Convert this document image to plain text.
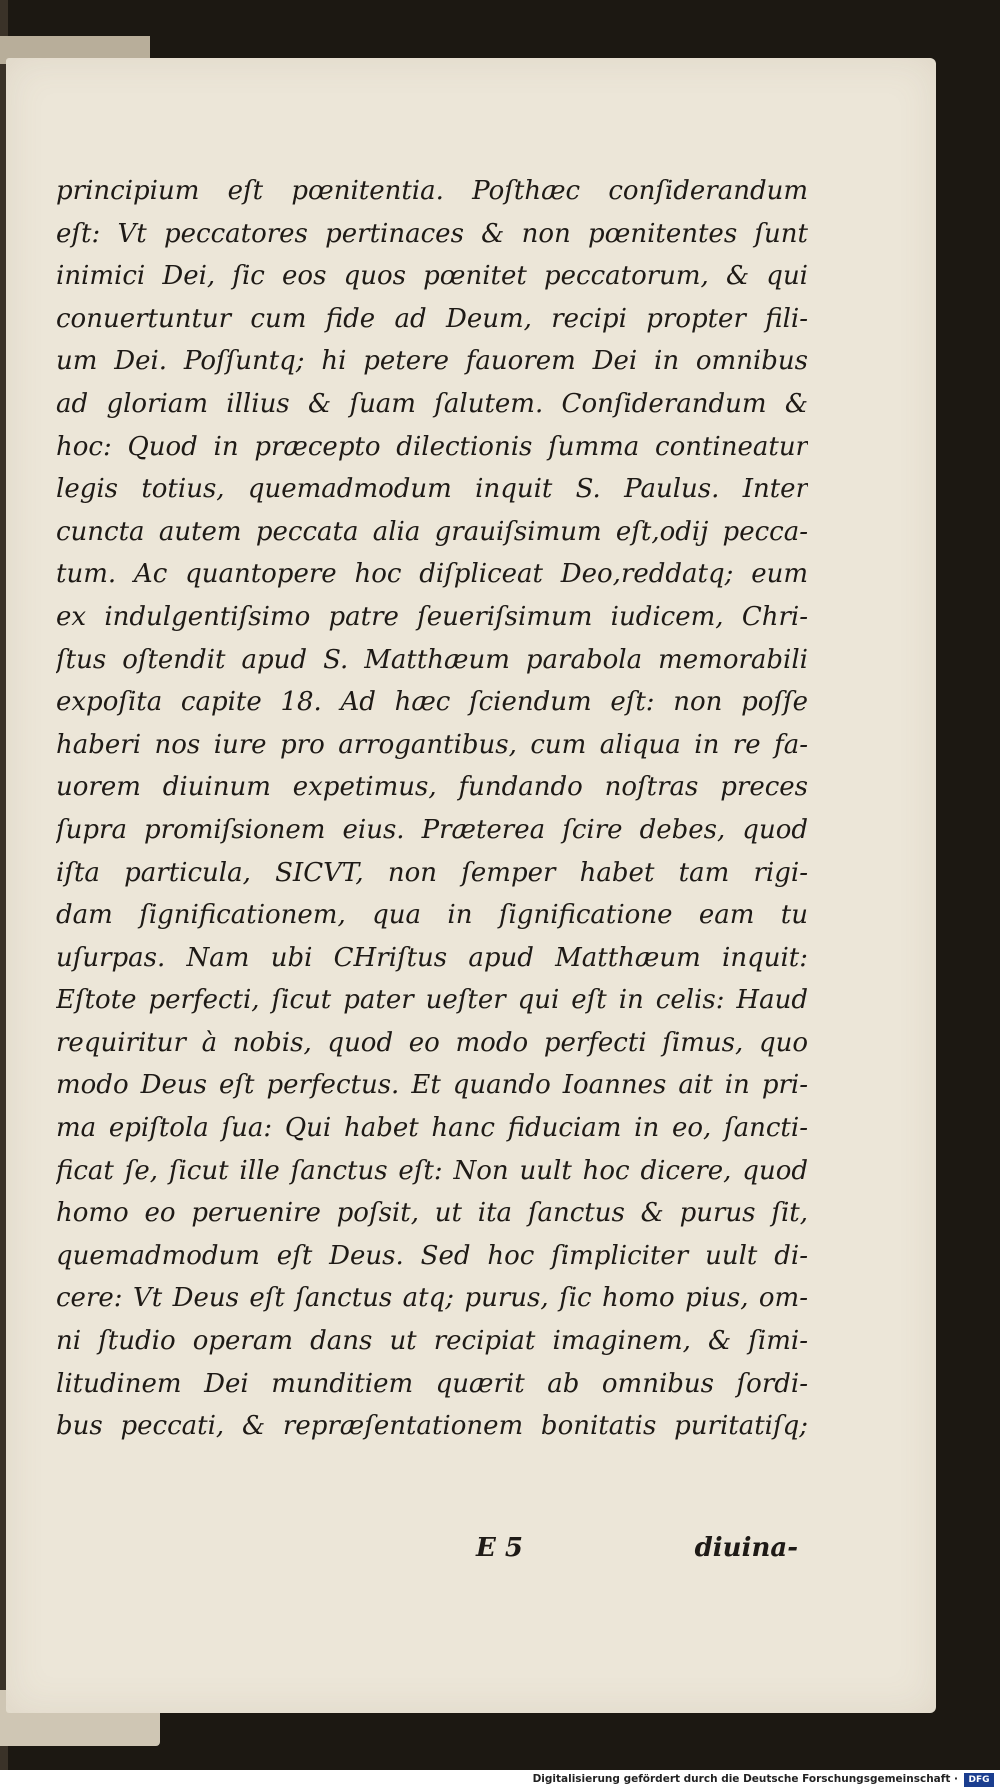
principium eſt pœnitentia. Poſthæc conſiderandum
eſt: Vt peccatores pertinaces & non pœnitentes ſunt
inimici Dei, ſic eos quos pœnitet peccatorum, & qui
conuertuntur cum fide ad Deum, recipi propter fili-
um Dei. Poſſuntq; hi petere fauorem Dei in omnibus
ad gloriam illius & ſuam ſalutem. Conſiderandum &
hoc: Quod in præcepto dilectionis ſumma contineatur
legis totius, quemadmodum inquit S. Paulus. Inter
cuncta autem peccata alia grauiſsimum eſt,odij pecca-
tum. Ac quantopere hoc diſpliceat Deo,reddatq; eum
ex indulgentiſsimo patre ſeueriſsimum iudicem, Chri-
ſtus oſtendit apud S. Matthæum parabola memorabili
expoſita capite 18. Ad hæc ſciendum eſt: non poſſe
haberi nos iure pro arrogantibus, cum aliqua in re fa-
uorem diuinum expetimus, fundando noſtras preces
ſupra promiſsionem eius. Præterea ſcire debes, quod
iſta particula, SICVT, non ſemper habet tam rigi-
dam ſignificationem, qua in ſignificatione eam tu
uſurpas. Nam ubi CHriſtus apud Matthæum inquit:
Eſtote perfecti, ſicut pater ueſter qui eſt in celis: Haud
requiritur à nobis, quod eo modo perfecti ſimus, quo
modo Deus eſt perfectus. Et quando Ioannes ait in pri-
ma epiſtola ſua: Qui habet hanc fiduciam in eo, ſancti-
ficat ſe, ſicut ille ſanctus eſt: Non uult hoc dicere, quod
homo eo peruenire poſsit, ut ita ſanctus & purus ſit,
quemadmodum eſt Deus. Sed hoc ſimpliciter uult di-
cere: Vt Deus eſt ſanctus atq; purus, ſic homo pius, om-
ni ſtudio operam dans ut recipiat imaginem, & ſimi-
litudinem Dei munditiem quærit ab omnibus ſordi-
bus peccati, & repræſentationem bonitatis puritatiſq;
E 5	diuina-
Digitalisierung gefördert durch die Deutsche Forschungsgemeinschaft ·	DFG
